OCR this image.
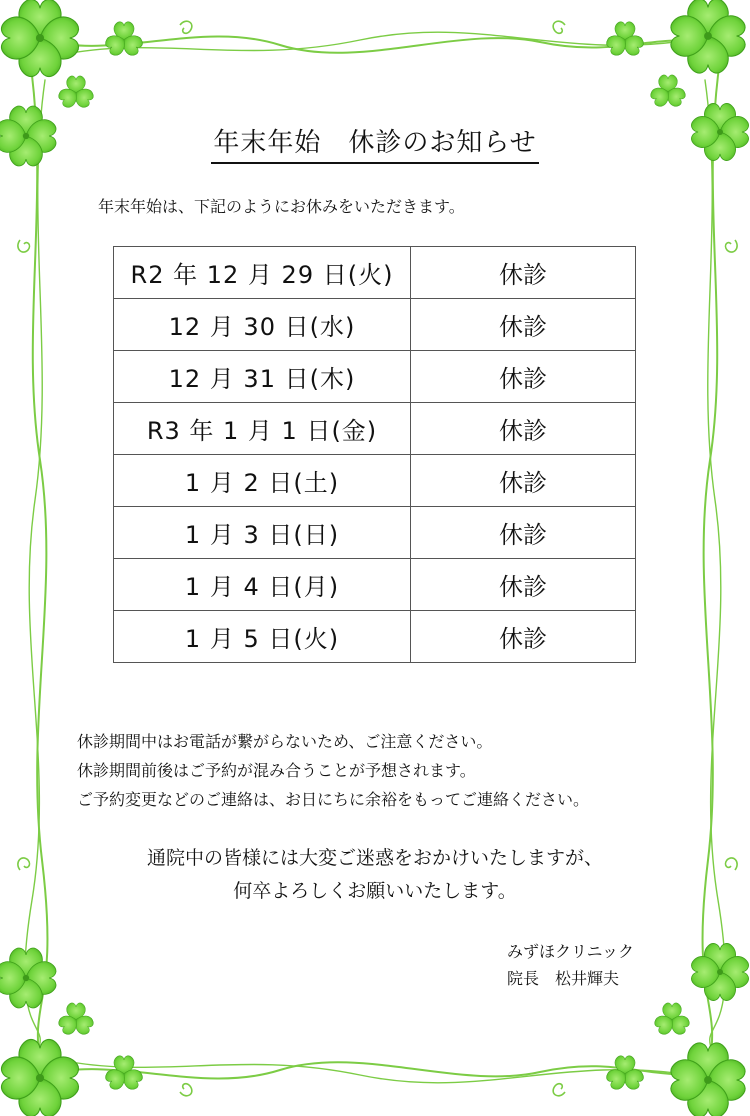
年末年始　休診のお知らせ
年末年始は、下記のようにお休みをいただきます。
R2 年 12 月 29 日(火)	休診
12 月 30 日(水)	休診
12 月 31 日(木)	休診
R3 年 1 月 1 日(金)	休診
1 月 2 日(土)	休診
1 月 3 日(日)	休診
1 月 4 日(月)	休診
1 月 5 日(火)	休診
休診期間中はお電話が繋がらないため、ご注意ください。
休診期間前後はご予約が混み合うことが予想されます。
ご予約変更などのご連絡は、お日にちに余裕をもってご連絡ください。
通院中の皆様には大変ご迷惑をおかけいたしますが、
何卒よろしくお願いいたします。
みずほクリニック
院長　松井輝夫
